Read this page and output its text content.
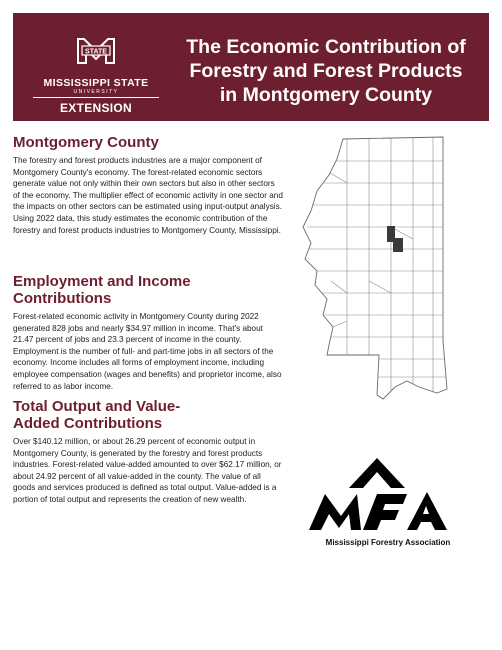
STATE
MISSISSIPPI STATE
UNIVERSITY
EXTENSION
The Economic Contribution of
Forestry and Forest Products
in Montgomery County
Montgomery County

The forestry and forest products industries are a major component of Montgomery County's economy. The forest-related economic sectors generate value not only within their own sectors but also in other sectors of the economy. The multiplier effect of economic activity in one sector and the impacts on other sectors can be estimated using input-output analysis. Using 2022 data, this study estimates the economic contribution of the forestry and forest products industries to Montgomery County, Mississippi.

Employment and Income Contributions

Forest-related economic activity in Montgomery County during 2022 generated 828 jobs and nearly $34.97 million in income. That's about 21.47 percent of jobs and 23.3 percent of income in the county. Employment is the number of full- and part-time jobs in all sectors of the economy. Income includes all forms of employment income, including employee compensation (wages and benefits) and proprietor income, also referred to as labor income.

Total Output and Value-
Added Contributions

Over $140.12 million, or about 26.29 percent of economic output in Montgomery County, is generated by the forestry and forest products industries. Forest-related value-added amounted to over $62.17 million, or about 24.92 percent of all value-added in the county. The value of all goods and services produced is defined as total output. Value-added is a portion of total output and represents the creation of new wealth.

MFA
Mississippi Forestry Association
